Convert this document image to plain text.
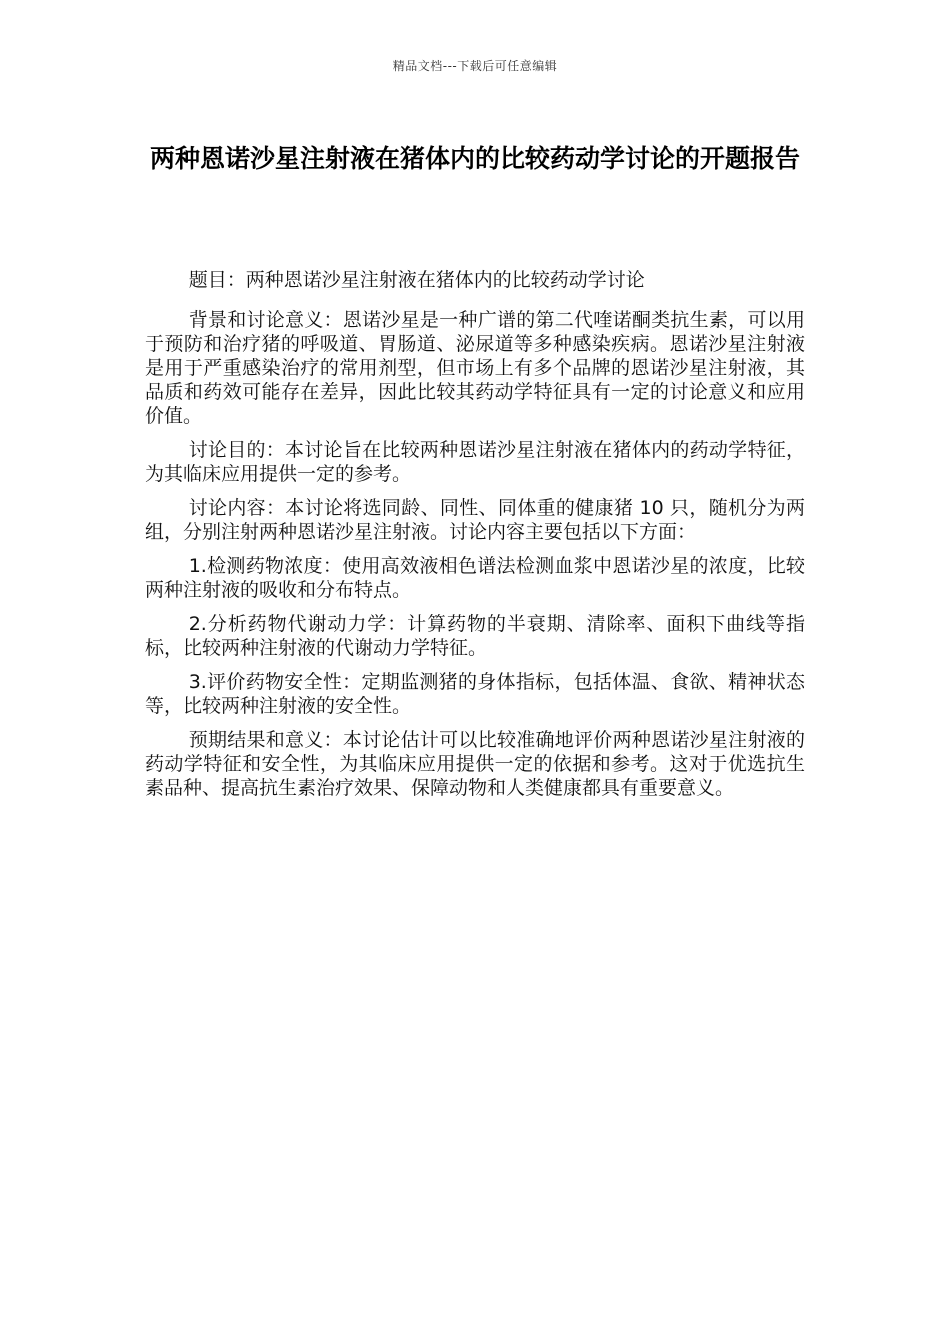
精品文档---下载后可任意编辑
两种恩诺沙星注射液在猪体内的比较药动学讨论的开题报告

题目：两种恩诺沙星注射液在猪体内的比较药动学讨论

背景和讨论意义：恩诺沙星是一种广谱的第二代喹诺酮类抗生素，可以用于预防和治疗猪的呼吸道、胃肠道、泌尿道等多种感染疾病。恩诺沙星注射液是用于严重感染治疗的常用剂型，但市场上有多个品牌的恩诺沙星注射液，其品质和药效可能存在差异，因此比较其药动学特征具有一定的讨论意义和应用价值。

讨论目的：本讨论旨在比较两种恩诺沙星注射液在猪体内的药动学特征，为其临床应用提供一定的参考。

讨论内容：本讨论将选同龄、同性、同体重的健康猪 10 只，随机分为两组，分别注射两种恩诺沙星注射液。讨论内容主要包括以下方面：

1.检测药物浓度：使用高效液相色谱法检测血浆中恩诺沙星的浓度，比较两种注射液的吸收和分布特点。

2.分析药物代谢动力学：计算药物的半衰期、清除率、面积下曲线等指标，比较两种注射液的代谢动力学特征。

3.评价药物安全性：定期监测猪的身体指标，包括体温、食欲、精神状态等，比较两种注射液的安全性。

预期结果和意义：本讨论估计可以比较准确地评价两种恩诺沙星注射液的药动学特征和安全性，为其临床应用提供一定的依据和参考。这对于优选抗生素品种、提高抗生素治疗效果、保障动物和人类健康都具有重要意义。
